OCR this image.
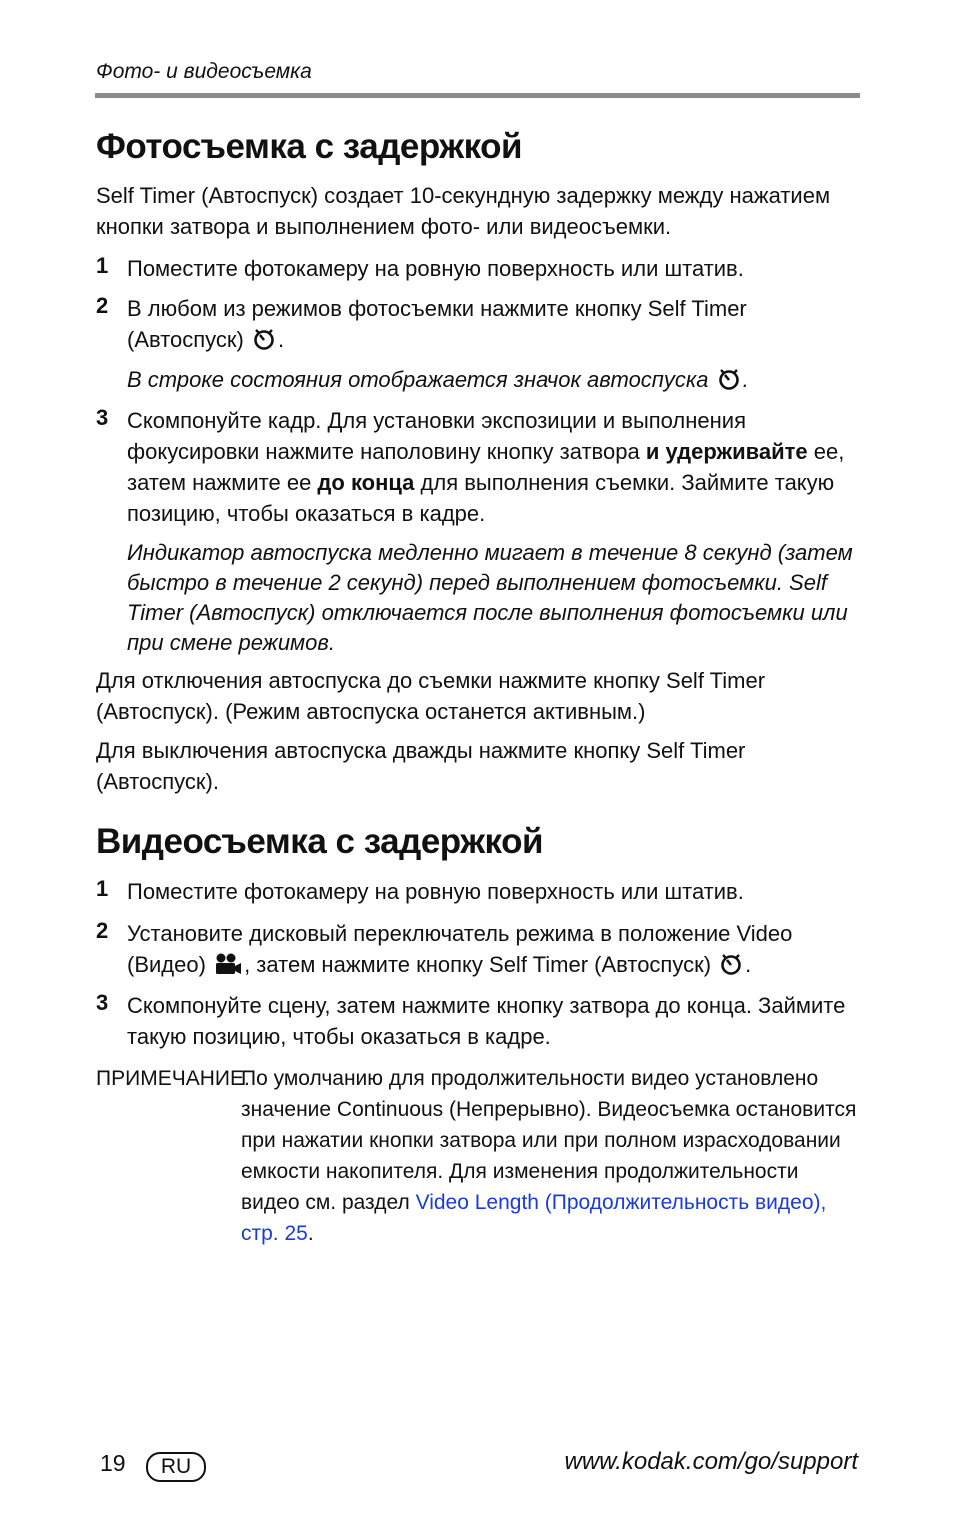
Фото- и видеосъемка
Фотосъемка с задержкой
Self Timer (Автоспуск) создает 10-секундную задержку между нажатием кнопки затвора и выполнением фото- или видеосъемки.
1 Поместите фотокамеру на ровную поверхность или штатив.
2 В любом из режимов фотосъемки нажмите кнопку Self Timer (Автоспуск) .
В строке состояния отображается значок автоспуска .
3 Скомпонуйте кадр. Для установки экспозиции и выполнения фокусировки нажмите наполовину кнопку затвора и удерживайте ее, затем нажмите ее до конца для выполнения съемки. Займите такую позицию, чтобы оказаться в кадре.
Индикатор автоспуска медленно мигает в течение 8 секунд (затем быстро в течение 2 секунд) перед выполнением фотосъемки. Self Timer (Автоспуск) отключается после выполнения фотосъемки или при смене режимов.
Для отключения автоспуска до съемки нажмите кнопку Self Timer (Автоспуск). (Режим автоспуска останется активным.)
Для выключения автоспуска дважды нажмите кнопку Self Timer (Автоспуск).
Видеосъемка с задержкой
1 Поместите фотокамеру на ровную поверхность или штатив.
2 Установите дисковый переключатель режима в положение Video (Видео) , затем нажмите кнопку Self Timer (Автоспуск) .
3 Скомпонуйте сцену, затем нажмите кнопку затвора до конца. Займите такую позицию, чтобы оказаться в кадре.
ПРИМЕЧАНИЕ.
По умолчанию для продолжительности видео установлено значение Continuous (Непрерывно). Видеосъемка остановится при нажатии кнопки затвора или при полном израсходовании емкости накопителя. Для изменения продолжительности видео см. раздел Video Length (Продолжительность видео), стр. 25.
19	RU	www.kodak.com/go/support
